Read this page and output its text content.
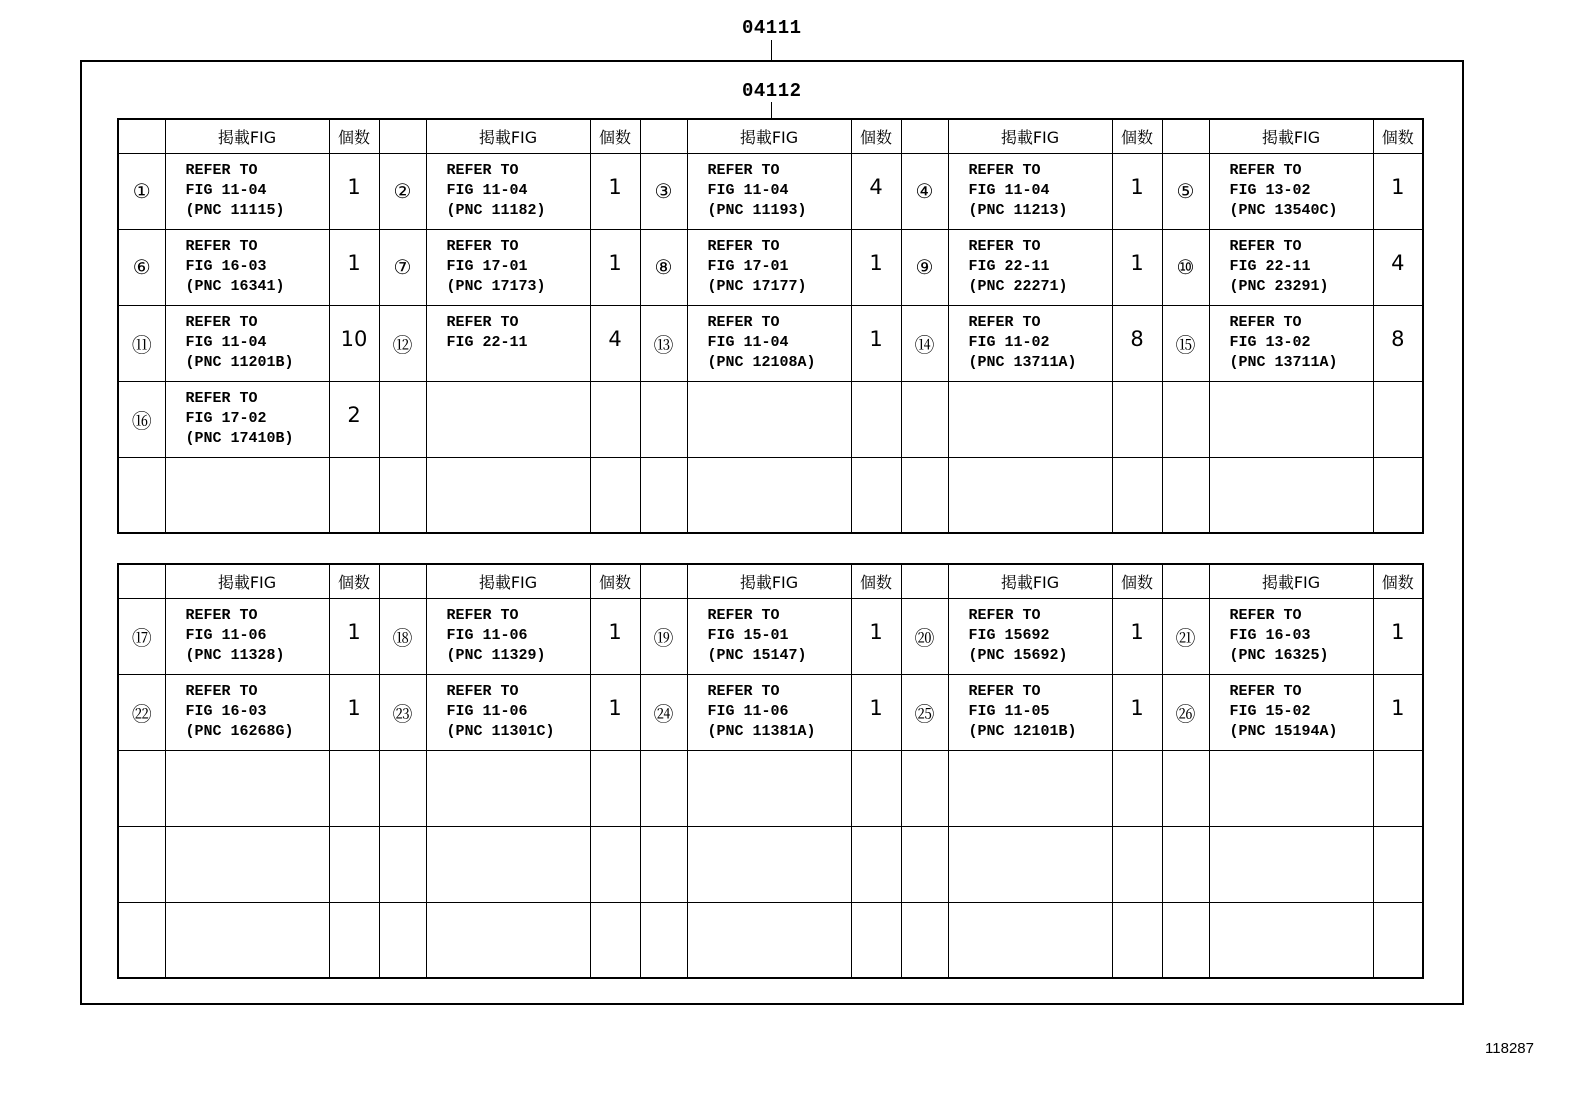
04111
04112
	掲載FIG	個数		掲載FIG	個数		掲載FIG	個数		掲載FIG	個数		掲載FIG	個数
①	REFER TO
FIG 11-04
(PNC 11115)	1	②	REFER TO
FIG 11-04
(PNC 11182)	1	③	REFER TO
FIG 11-04
(PNC 11193)	4	④	REFER TO
FIG 11-04
(PNC 11213)	1	⑤	REFER TO
FIG 13-02
(PNC 13540C)	1

⑥	REFER TO
FIG 16-03
(PNC 16341)	1	⑦	REFER TO
FIG 17-01
(PNC 17173)	1	⑧	REFER TO
FIG 17-01
(PNC 17177)	1	⑨	REFER TO
FIG 22-11
(PNC 22271)	1	⑩	REFER TO
FIG 22-11
(PNC 23291)	4

⑪	REFER TO
FIG 11-04
(PNC 11201B)	10	⑫	REFER TO
FIG 22-11	4	⑬	REFER TO
FIG 11-04
(PNC 12108A)	1	⑭	REFER TO
FIG 11-02
(PNC 13711A)	8	⑮	REFER TO
FIG 13-02
(PNC 13711A)	8

⑯	REFER TO
FIG 17-02
(PNC 17410B)	2												

	掲載FIG	個数		掲載FIG	個数		掲載FIG	個数		掲載FIG	個数		掲載FIG	個数
⑰	REFER TO
FIG 11-06
(PNC 11328)	1	⑱	REFER TO
FIG 11-06
(PNC 11329)	1	⑲	REFER TO
FIG 15-01
(PNC 15147)	1	⑳	REFER TO
FIG 15692
(PNC 15692)	1	㉑	REFER TO
FIG 16-03
(PNC 16325)	1

㉒	REFER TO
FIG 16-03
(PNC 16268G)	1	㉓	REFER TO
FIG 11-06
(PNC 11301C)	1	㉔	REFER TO
FIG 11-06
(PNC 11381A)	1	㉕	REFER TO
FIG 11-05
(PNC 12101B)	1	㉖	REFER TO
FIG 15-02
(PNC 15194A)	1

118287
